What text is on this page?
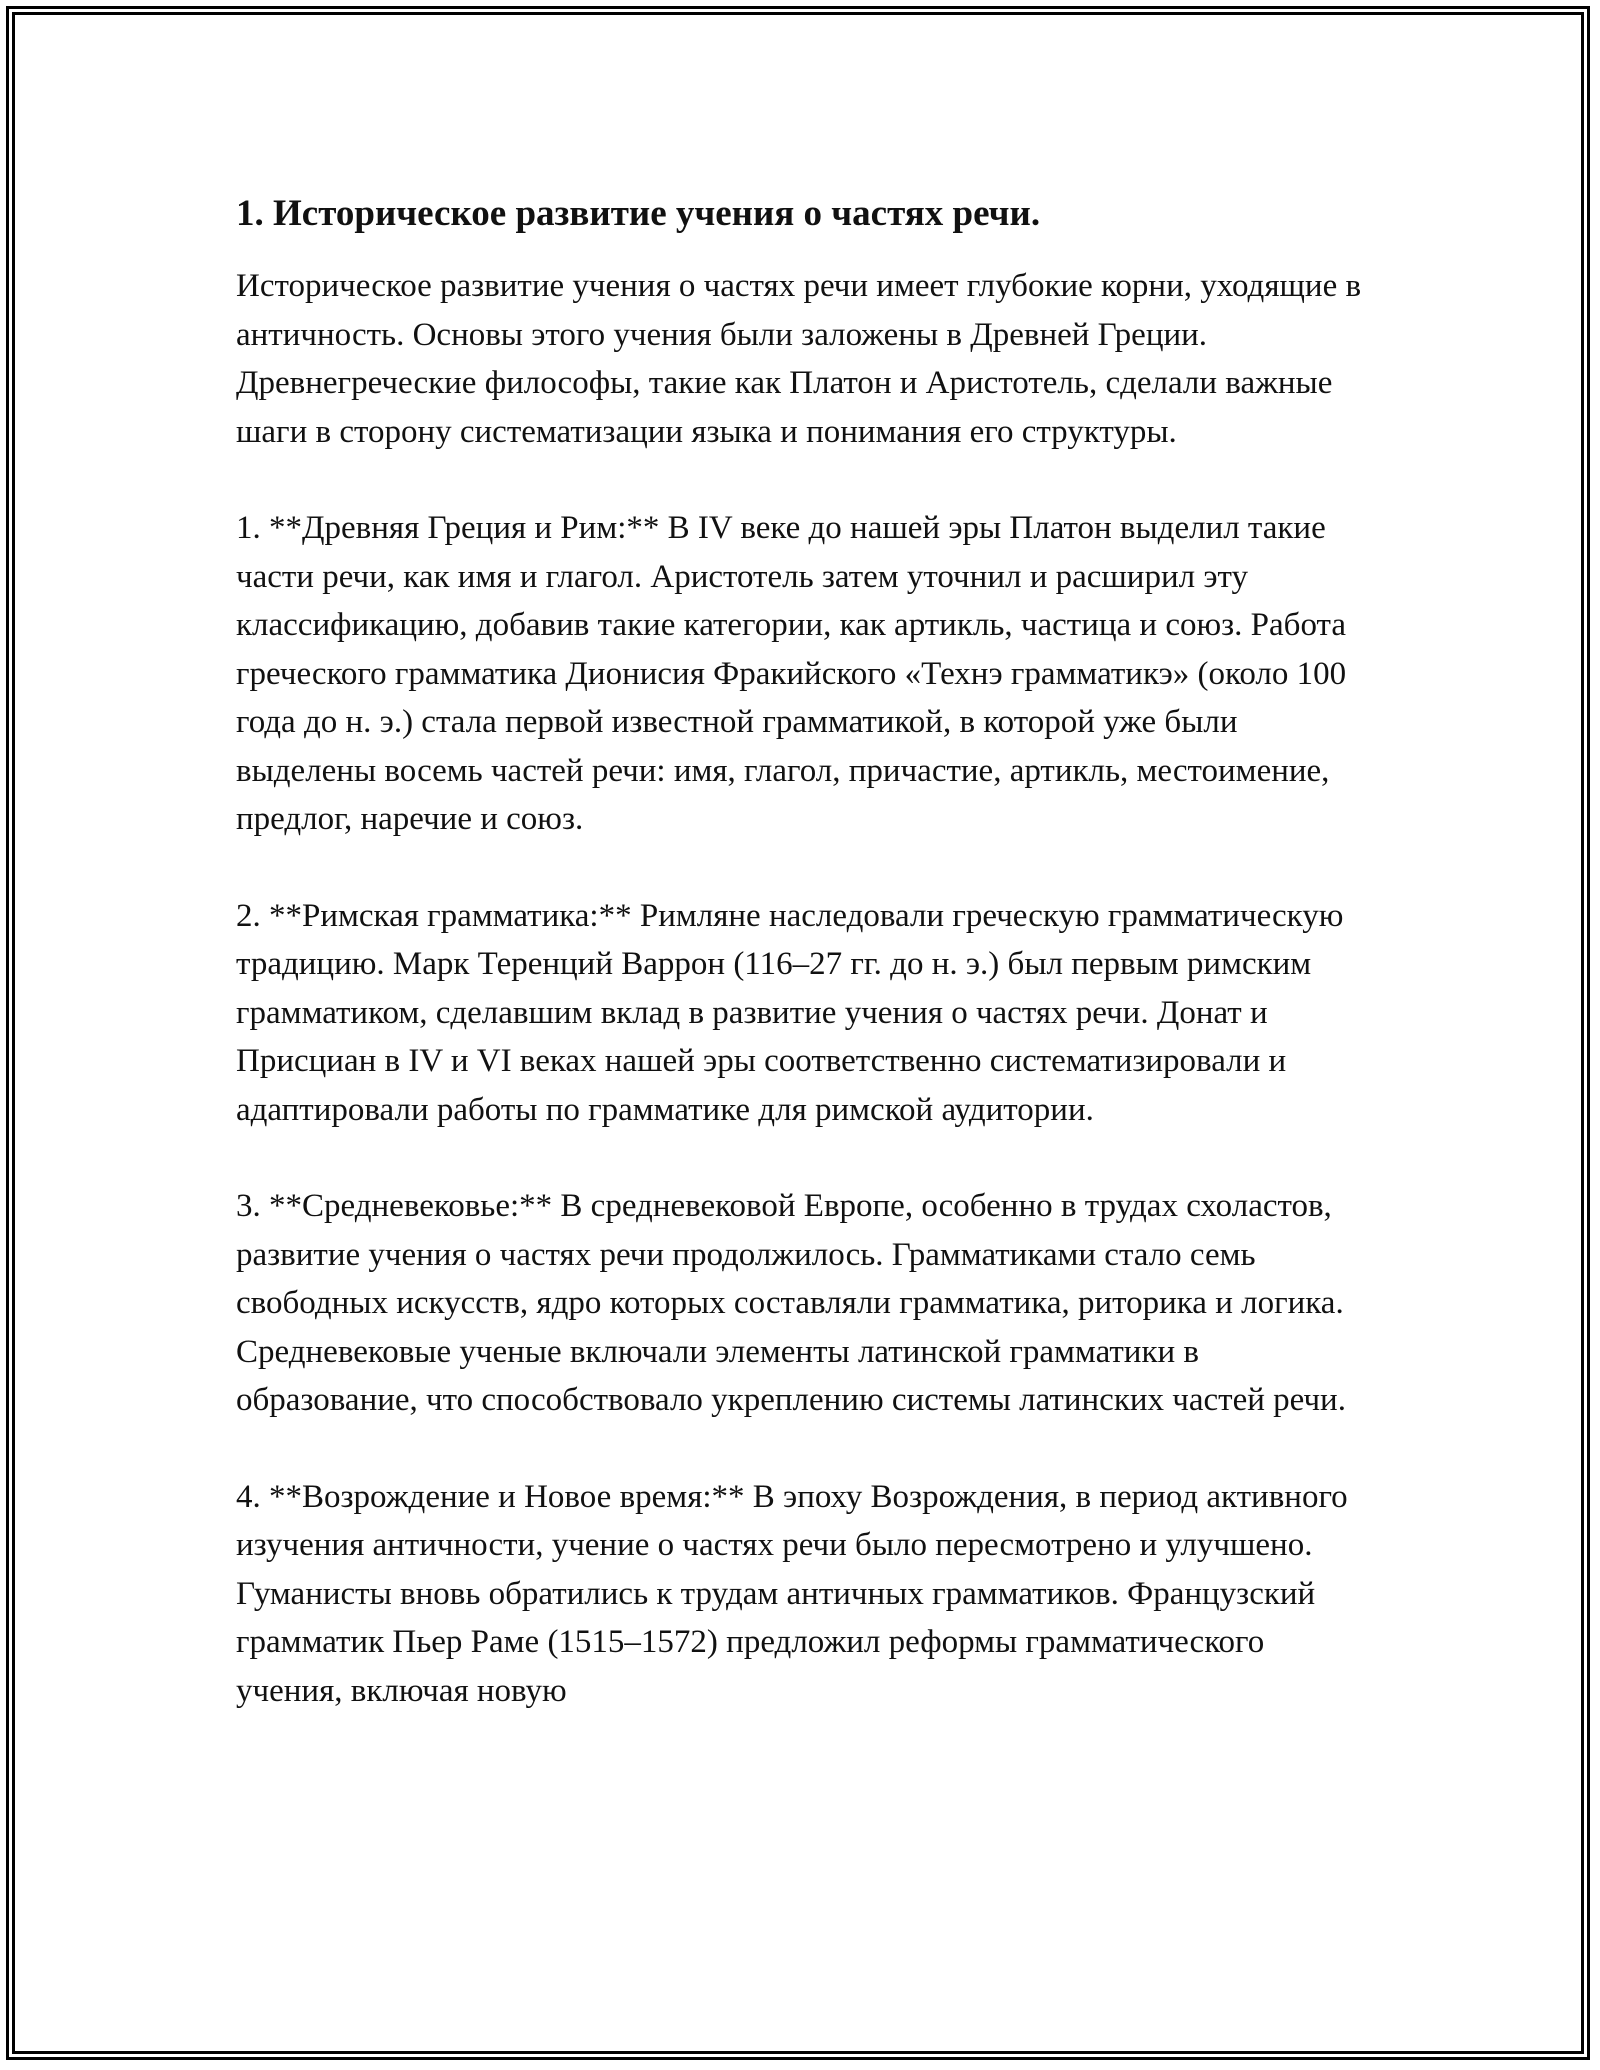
1. Историческое развитие учения о частях речи.

Историческое развитие учения о частях речи имеет глубокие корни, уходящие в античность. Основы этого учения были заложены в Древней Греции. Древнегреческие философы, такие как Платон и Аристотель, сделали важные шаги в сторону систематизации языка и понимания его структуры.

1. **Древняя Греция и Рим:** В IV веке до нашей эры Платон выделил такие части речи, как имя и глагол. Аристотель затем уточнил и расширил эту классификацию, добавив такие категории, как артикль, частица и союз. Работа греческого грамматика Дионисия Фракийского «Технэ грамматикэ» (около 100 года до н. э.) стала первой известной грамматикой, в которой уже были выделены восемь частей речи: имя, глагол, причастие, артикль, местоимение, предлог, наречие и союз.

2. **Римская грамматика:** Римляне наследовали греческую грамматическую традицию. Марк Теренций Варрон (116–27 гг. до н. э.) был первым римским грамматиком, сделавшим вклад в развитие учения о частях речи. Донат и Присциан в IV и VI веках нашей эры соответственно систематизировали и адаптировали работы по грамматике для римской аудитории.

3. **Средневековье:** В средневековой Европе, особенно в трудах схоластов, развитие учения о частях речи продолжилось. Грамматиками стало семь свободных искусств, ядро которых составляли грамматика, риторика и логика. Средневековые ученые включали элементы латинской грамматики в образование, что способствовало укреплению системы латинских частей речи.

4. **Возрождение и Новое время:** В эпоху Возрождения, в период активного изучения античности, учение о частях речи было пересмотрено и улучшено. Гуманисты вновь обратились к трудам античных грамматиков. Французский грамматик Пьер Раме (1515–1572) предложил реформы грамматического учения, включая новую
